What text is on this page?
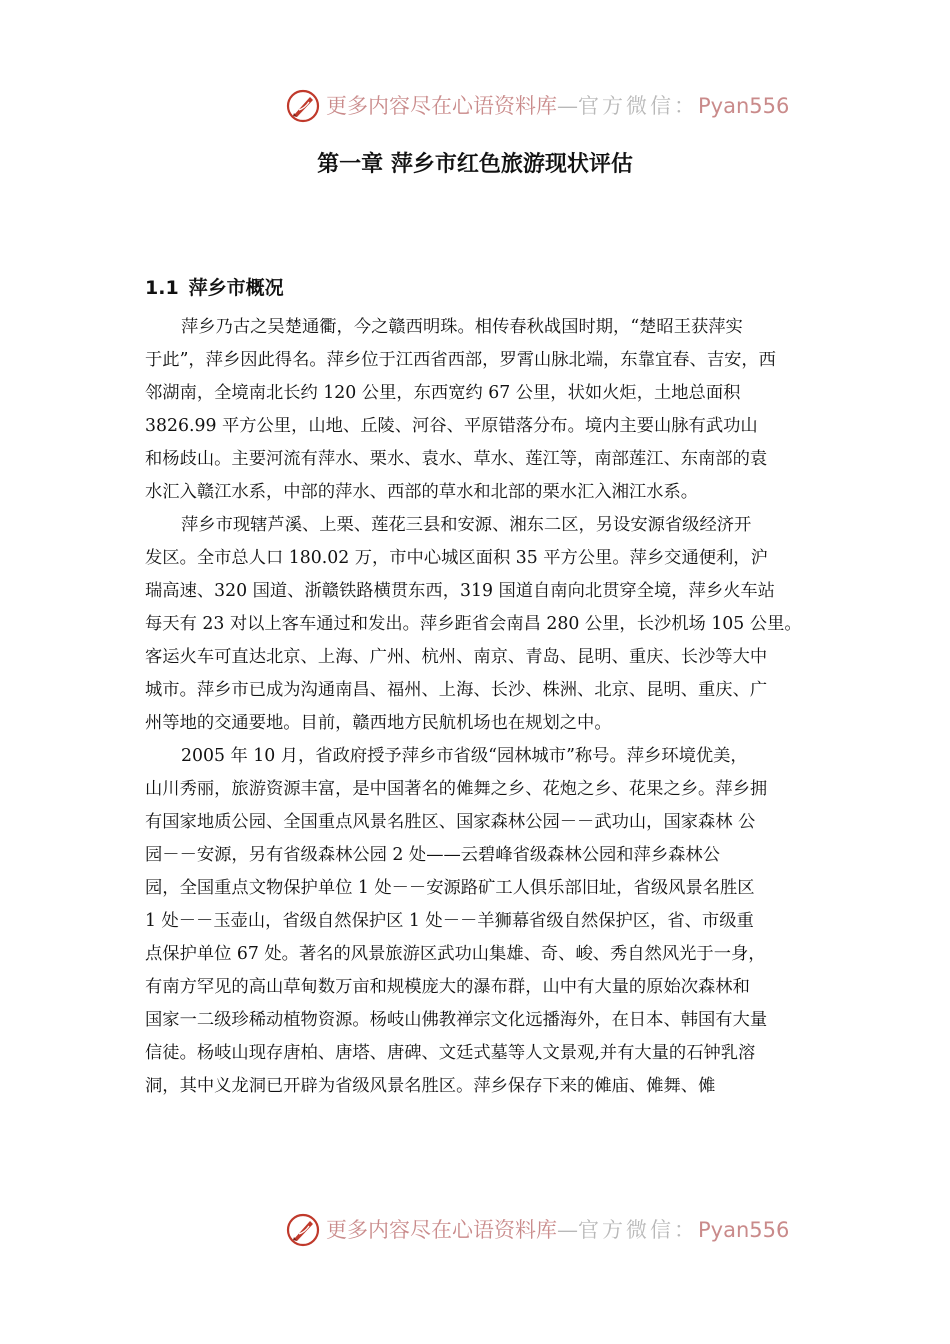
更多内容尽在心语资料库—官方微信：Pyan556
第一章 萍乡市红色旅游现状评估
1.1 萍乡市概况
萍乡乃古之吴楚通衢，今之赣西明珠。相传春秋战国时期，“楚昭王获萍实
于此”，萍乡因此得名。萍乡位于江西省西部，罗霄山脉北端，东靠宜春、吉安，西
邻湖南，全境南北长约 120 公里，东西宽约 67 公里，状如火炬，土地总面积
3826.99 平方公里，山地、丘陵、河谷、平原错落分布。境内主要山脉有武功山
和杨歧山。主要河流有萍水、栗水、袁水、草水、莲江等，南部莲江、东南部的袁
水汇入赣江水系，中部的萍水、西部的草水和北部的栗水汇入湘江水系。
萍乡市现辖芦溪、上栗、莲花三县和安源、湘东二区，另设安源省级经济开
发区。全市总人口 180.02 万，市中心城区面积 35 平方公里。萍乡交通便利，沪
瑞高速、320 国道、浙赣铁路横贯东西，319 国道自南向北贯穿全境，萍乡火车站
每天有 23 对以上客车通过和发出。萍乡距省会南昌 280 公里，长沙机场 105 公里。
客运火车可直达北京、上海、广州、杭州、南京、青岛、昆明、重庆、长沙等大中
城市。萍乡市已成为沟通南昌、福州、上海、长沙、株洲、北京、昆明、重庆、广
州等地的交通要地。目前，赣西地方民航机场也在规划之中。
2005 年 10 月，省政府授予萍乡市省级“园林城市”称号。萍乡环境优美，
山川秀丽，旅游资源丰富，是中国著名的傩舞之乡、花炮之乡、花果之乡。萍乡拥
有国家地质公园、全国重点风景名胜区、国家森林公园－－武功山，国家森林 公
园－－安源，另有省级森林公园 2 处——云碧峰省级森林公园和萍乡森林公
园，全国重点文物保护单位 1 处－－安源路矿工人俱乐部旧址，省级风景名胜区
1 处－－玉壶山，省级自然保护区 1 处－－羊狮幕省级自然保护区，省、市级重
点保护单位 67 处。著名的风景旅游区武功山集雄、奇、峻、秀自然风光于一身，
有南方罕见的高山草甸数万亩和规模庞大的瀑布群，山中有大量的原始次森林和
国家一二级珍稀动植物资源。杨岐山佛教禅宗文化远播海外，在日本、韩国有大量
信徒。杨岐山现存唐柏、唐塔、唐碑、文廷式墓等人文景观,并有大量的石钟乳溶
洞，其中义龙洞已开辟为省级风景名胜区。萍乡保存下来的傩庙、傩舞、傩
更多内容尽在心语资料库—官方微信：Pyan556
